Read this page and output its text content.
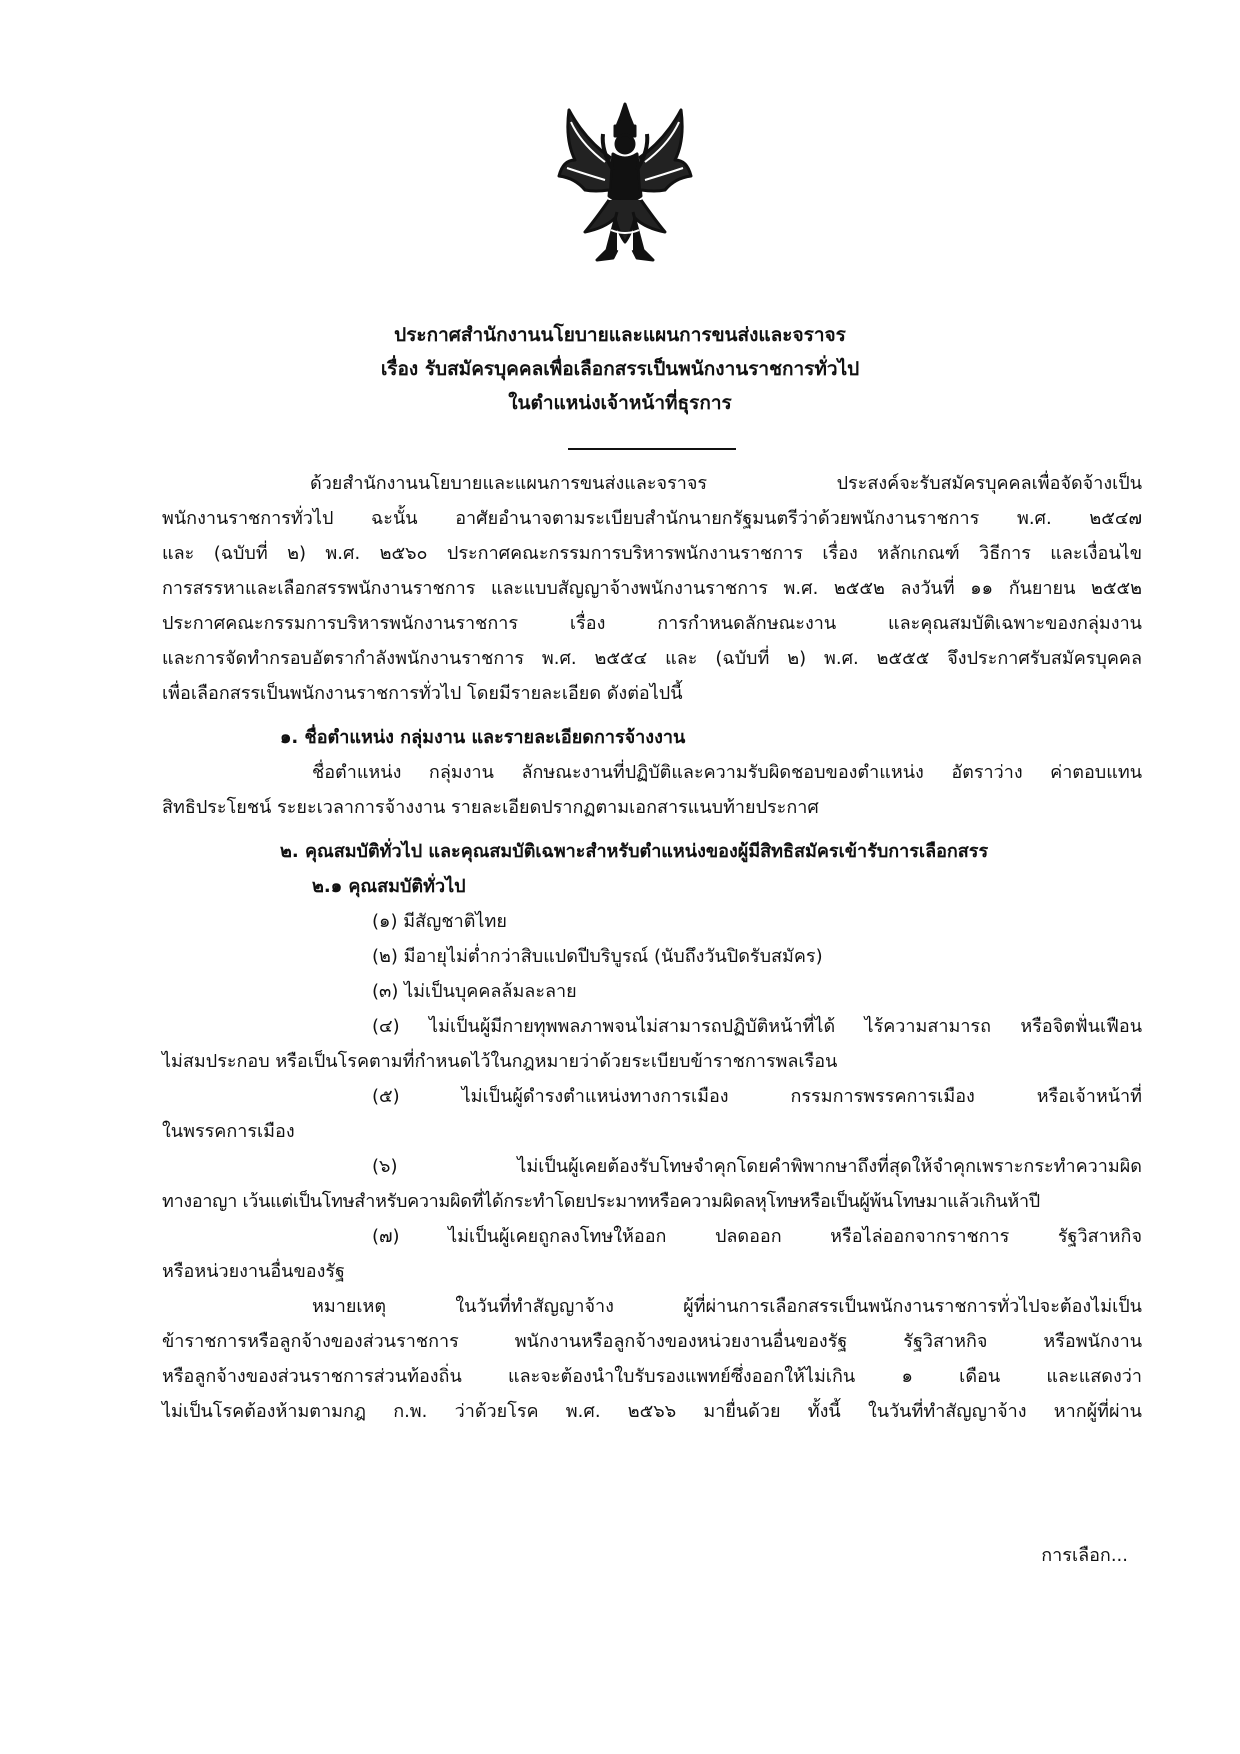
ประกาศสำนักงานนโยบายและแผนการขนส่งและจราจร
เรื่อง รับสมัครบุคคลเพื่อเลือกสรรเป็นพนักงานราชการทั่วไป
ในตำแหน่งเจ้าหน้าที่ธุรการ
ด้วยสำนักงานนโยบายและแผนการขนส่งและจราจร ประสงค์จะรับสมัครบุคคลเพื่อจัดจ้างเป็น
พนักงานราชการทั่วไป ฉะนั้น อาศัยอำนาจตามระเบียบสำนักนายกรัฐมนตรีว่าด้วยพนักงานราชการ พ.ศ. ๒๕๔๗
และ (ฉบับที่ ๒) พ.ศ. ๒๕๖๐ ประกาศคณะกรรมการบริหารพนักงานราชการ เรื่อง หลักเกณฑ์ วิธีการ และเงื่อนไข
การสรรหาและเลือกสรรพนักงานราชการ และแบบสัญญาจ้างพนักงานราชการ พ.ศ. ๒๕๕๒ ลงวันที่ ๑๑ กันยายน ๒๕๕๒
ประกาศคณะกรรมการบริหารพนักงานราชการ เรื่อง การกำหนดลักษณะงาน และคุณสมบัติเฉพาะของกลุ่มงาน
และการจัดทำกรอบอัตรากำลังพนักงานราชการ พ.ศ. ๒๕๕๔ และ (ฉบับที่ ๒) พ.ศ. ๒๕๕๕ จึงประกาศรับสมัครบุคคล
เพื่อเลือกสรรเป็นพนักงานราชการทั่วไป โดยมีรายละเอียด ดังต่อไปนี้
๑. ชื่อตำแหน่ง กลุ่มงาน และรายละเอียดการจ้างงาน
ชื่อตำแหน่ง กลุ่มงาน ลักษณะงานที่ปฏิบัติและความรับผิดชอบของตำแหน่ง อัตราว่าง ค่าตอบแทน
สิทธิประโยชน์ ระยะเวลาการจ้างงาน รายละเอียดปรากฏตามเอกสารแนบท้ายประกาศ
๒. คุณสมบัติทั่วไป และคุณสมบัติเฉพาะสำหรับตำแหน่งของผู้มีสิทธิสมัครเข้ารับการเลือกสรร
๒.๑ คุณสมบัติทั่วไป
(๑) มีสัญชาติไทย
(๒) มีอายุไม่ต่ำกว่าสิบแปดปีบริบูรณ์ (นับถึงวันปิดรับสมัคร)
(๓) ไม่เป็นบุคคลล้มละลาย
(๔) ไม่เป็นผู้มีกายทุพพลภาพจนไม่สามารถปฏิบัติหน้าที่ได้ ไร้ความสามารถ หรือจิตฟั่นเฟือน
ไม่สมประกอบ หรือเป็นโรคตามที่กำหนดไว้ในกฎหมายว่าด้วยระเบียบข้าราชการพลเรือน
(๕) ไม่เป็นผู้ดำรงตำแหน่งทางการเมือง กรรมการพรรคการเมือง หรือเจ้าหน้าที่
ในพรรคการเมือง
(๖) ไม่เป็นผู้เคยต้องรับโทษจำคุกโดยคำพิพากษาถึงที่สุดให้จำคุกเพราะกระทำความผิด
ทางอาญา เว้นแต่เป็นโทษสำหรับความผิดที่ได้กระทำโดยประมาทหรือความผิดลหุโทษหรือเป็นผู้พ้นโทษมาแล้วเกินห้าปี
(๗) ไม่เป็นผู้เคยถูกลงโทษให้ออก ปลดออก หรือไล่ออกจากราชการ รัฐวิสาหกิจ
หรือหน่วยงานอื่นของรัฐ
หมายเหตุ ในวันที่ทำสัญญาจ้าง ผู้ที่ผ่านการเลือกสรรเป็นพนักงานราชการทั่วไปจะต้องไม่เป็น
ข้าราชการหรือลูกจ้างของส่วนราชการ พนักงานหรือลูกจ้างของหน่วยงานอื่นของรัฐ รัฐวิสาหกิจ หรือพนักงาน
หรือลูกจ้างของส่วนราชการส่วนท้องถิ่น และจะต้องนำใบรับรองแพทย์ซึ่งออกให้ไม่เกิน ๑ เดือน และแสดงว่า
ไม่เป็นโรคต้องห้ามตามกฎ ก.พ. ว่าด้วยโรค พ.ศ. ๒๕๖๖ มายื่นด้วย ทั้งนี้ ในวันที่ทำสัญญาจ้าง หากผู้ที่ผ่าน
การเลือก...
